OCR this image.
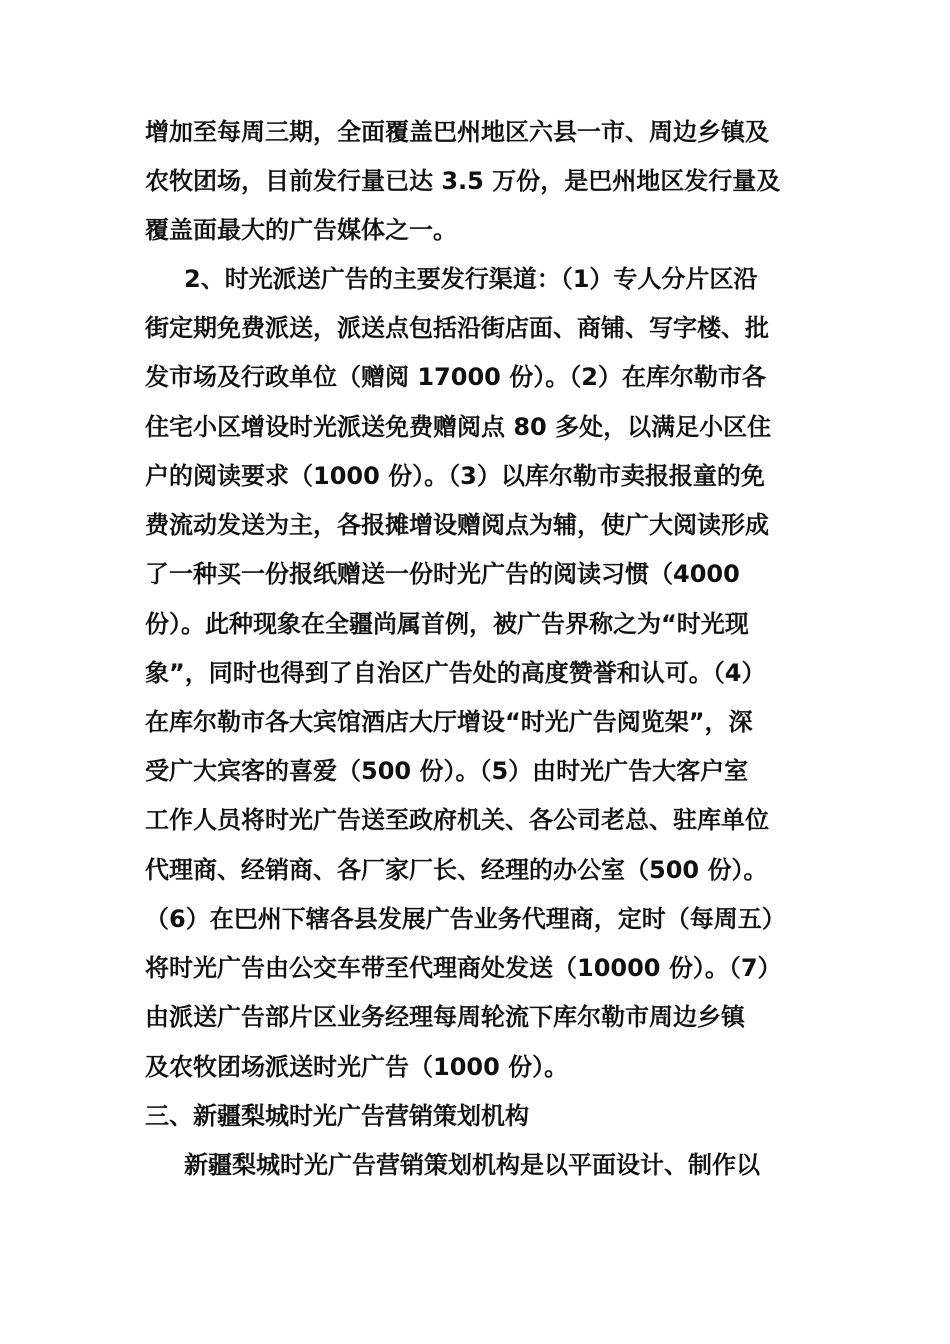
增加至每周三期，全面覆盖巴州地区六县一市、周边乡镇及
农牧团场，目前发行量已达 3.5 万份，是巴州地区发行量及
覆盖面最大的广告媒体之一。
2、时光派送广告的主要发行渠道：（1）专人分片区沿
街定期免费派送，派送点包括沿街店面、商铺、写字楼、批
发市场及行政单位（赠阅 17000 份）。（2）在库尔勒市各
住宅小区增设时光派送免费赠阅点 80 多处，以满足小区住
户的阅读要求（1000 份）。（3）以库尔勒市卖报报童的免
费流动发送为主，各报摊增设赠阅点为辅，使广大阅读形成
了一种买一份报纸赠送一份时光广告的阅读习惯（4000
份）。此种现象在全疆尚属首例，被广告界称之为“时光现
象”，同时也得到了自治区广告处的高度赞誉和认可。（4）
在库尔勒市各大宾馆酒店大厅增设“时光广告阅览架”，深
受广大宾客的喜爱（500 份）。（5）由时光广告大客户室
工作人员将时光广告送至政府机关、各公司老总、驻库单位
代理商、经销商、各厂家厂长、经理的办公室（500 份）。
（6）在巴州下辖各县发展广告业务代理商，定时（每周五）
将时光广告由公交车带至代理商处发送（10000 份）。（7）
由派送广告部片区业务经理每周轮流下库尔勒市周边乡镇
及农牧团场派送时光广告（1000 份）。
三、新疆梨城时光广告营销策划机构
新疆梨城时光广告营销策划机构是以平面设计、制作以
